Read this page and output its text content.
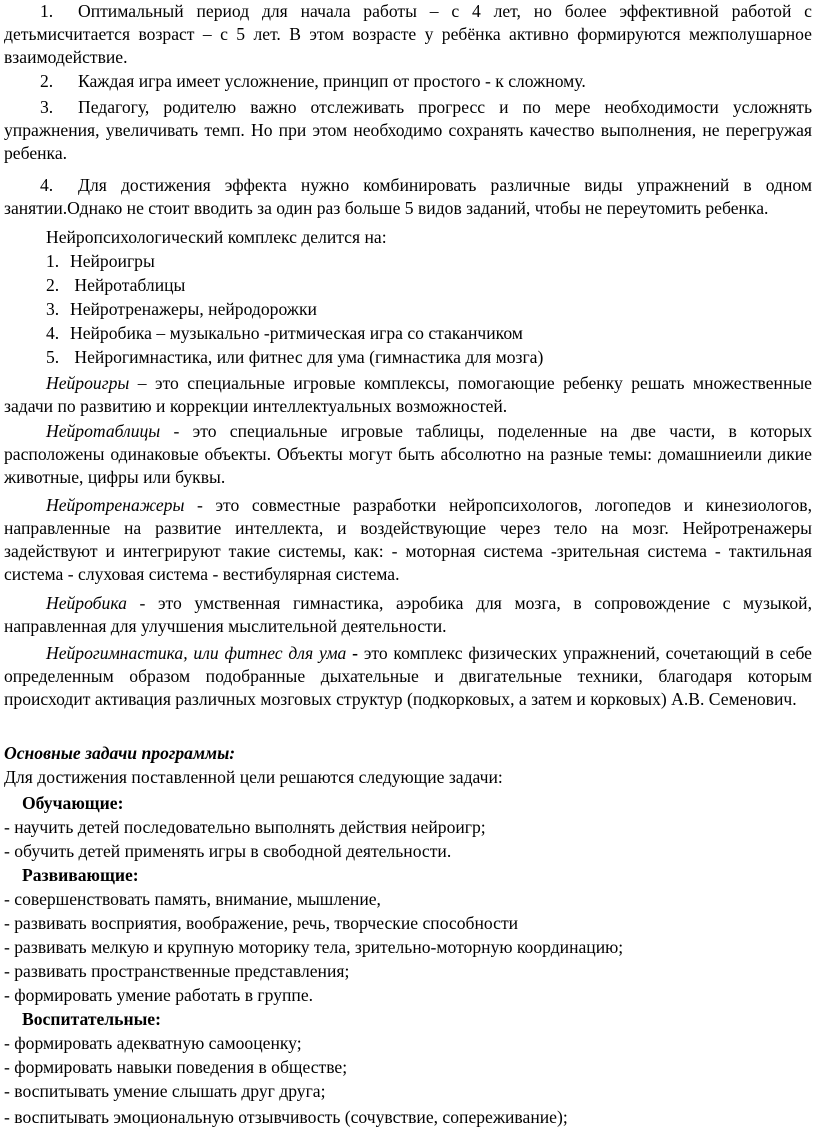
1. Оптимальный период для начала работы – с 4 лет, но более эффективной работой с детьмисчитается возраст – с 5 лет. В этом возрасте у ребёнка активно формируются межполушарное взаимодействие.

2. Каждая игра имеет усложнение, принцип от простого - к сложному.

3. Педагогу, родителю важно отслеживать прогресс и по мере необходимости усложнять упражнения, увеличивать темп. Но при этом необходимо сохранять качество выполнения, не перегружая ребенка.

4. Для достижения эффекта нужно комбинировать различные виды упражнений в одном занятии.Однако не стоит вводить за один раз больше 5 видов заданий, чтобы не переутомить ребенка.

Нейропсихологический комплекс делится на:

1. Нейроигры

2. Нейротаблицы

3. Нейротренажеры, нейродорожки

4. Нейробика – музыкально -ритмическая игра со стаканчиком

5. Нейрогимнастика, или фитнес для ума (гимнастика для мозга)

Нейроигры – это специальные игровые комплексы, помогающие ребенку решать множественные задачи по развитию и коррекции интеллектуальных возможностей.

Нейротаблицы - это специальные игровые таблицы, поделенные на две части, в которых расположены одинаковые объекты. Объекты могут быть абсолютно на разные темы: домашниеили дикие животные, цифры или буквы.

Нейротренажеры - это совместные разработки нейропсихологов, логопедов и кинезиологов, направленные на развитие интеллекта, и воздействующие через тело на мозг. Нейротренажеры задействуют и интегрируют такие системы, как: - моторная система -зрительная система - тактильная система - слуховая система - вестибулярная система.

Нейробика - это умственная гимнастика, аэробика для мозга, в сопровождение с музыкой, направленная для улучшения мыслительной деятельности.

Нейрогимнастика, или фитнес для ума - это комплекс физических упражнений, сочетающий в себе определенным образом подобранные дыхательные и двигательные техники, благодаря которым происходит активация различных мозговых структур (подкорковых, а затем и корковых) А.В. Семенович.

Основные задачи программы:

Для достижения поставленной цели решаются следующие задачи:

Обучающие:

- научить детей последовательно выполнять действия нейроигр;

- обучить детей применять игры в свободной деятельности.

Развивающие:

- совершенствовать память, внимание, мышление,

- развивать восприятия, воображение, речь, творческие способности

- развивать мелкую и крупную моторику тела, зрительно-моторную координацию;

- развивать пространственные представления;

- формировать умение работать в группе.

Воспитательные:

- формировать адекватную самооценку;

- формировать навыки поведения в обществе;

- воспитывать умение слышать друг друга;

- воспитывать эмоциональную отзывчивость (сочувствие, сопереживание);
